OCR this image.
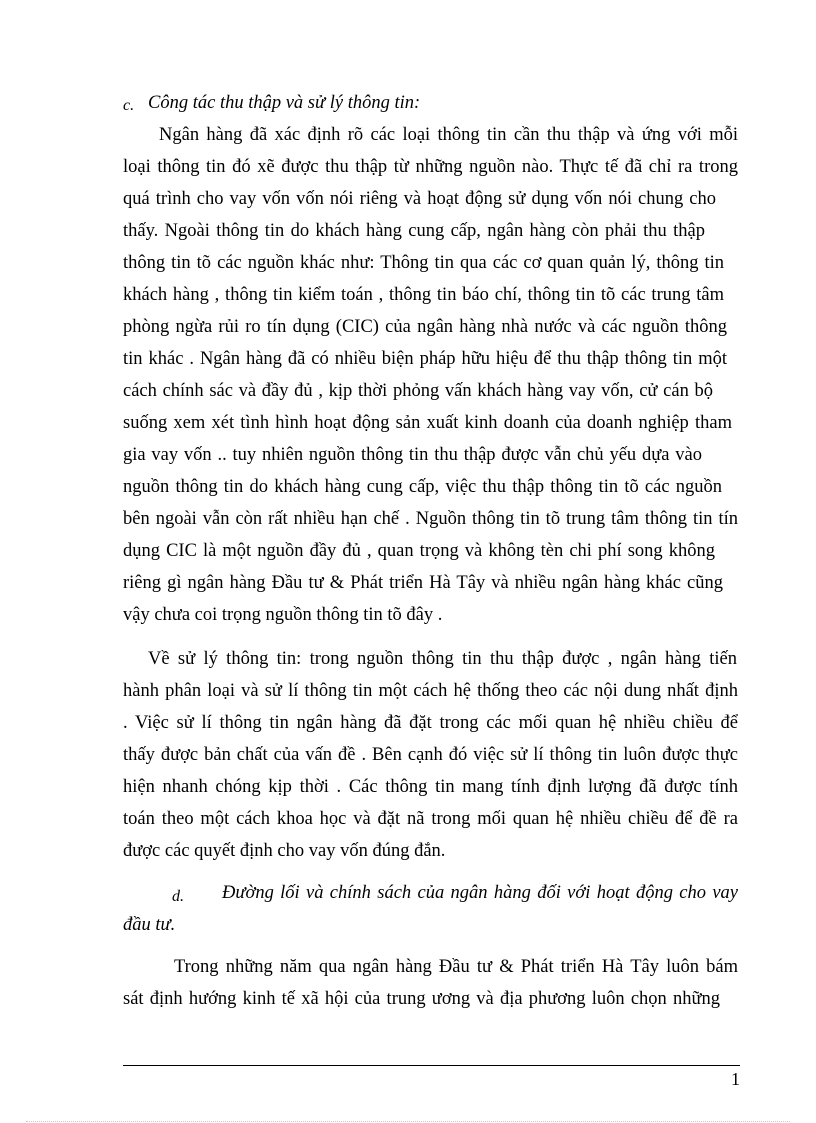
c. Công tác thu thập và sử lý thông tin:

Ngân hàng đã xác định rõ các loại thông tin cần thu thập và ứng với mỗi

loại thông tin đó xẽ được thu thập từ những nguồn nào. Thực tế đã chỉ ra trong

quá trình cho vay vốn vốn nói riêng và hoạt động sử dụng vốn nói chung cho

thấy. Ngoài thông tin do khách hàng cung cấp, ngân hàng còn phải thu thập

thông tin tõ các nguồn khác như: Thông tin qua các cơ quan quản lý, thông tin

khách hàng , thông tin kiểm toán , thông tin báo chí, thông tin tõ các trung tâm

phòng ngừa rủi ro tín dụng (CIC) của ngân hàng nhà nước và các nguồn thông

tin khác . Ngân hàng đã có nhiều biện pháp hữu hiệu để thu thập thông tin một

cách chính sác và đầy đủ , kịp thời phỏng vấn khách hàng vay vốn, cử cán bộ

suống xem xét tình hình hoạt động sản xuất kinh doanh của doanh nghiệp tham

gia vay vốn .. tuy nhiên nguồn thông tin thu thập được vẫn chủ yếu dựa vào

nguồn thông tin do khách hàng cung cấp, việc thu thập thông tin tõ các nguồn

bên ngoài vẫn còn rất nhiều hạn chế . Nguồn thông tin tõ trung tâm thông tin tín

dụng CIC là một nguồn đầy đủ , quan trọng và không tèn chi phí song không

riêng gì ngân hàng Đầu tư & Phát triển Hà Tây và nhiều ngân hàng khác cũng

vậy chưa coi trọng nguồn thông tin tõ đây .

Về sử lý thông tin: trong nguồn thông tin thu thập được , ngân hàng tiến

hành phân loại và sử lí thông tin một cách hệ thống theo các nội dung nhất định

. Việc sử lí thông tin ngân hàng đã đặt trong các mối quan hệ nhiều chiều để

thấy được bản chất của vấn đề . Bên cạnh đó việc sử lí thông tin luôn được thực

hiện nhanh chóng kịp thời . Các thông tin mang tính định lượng đã được tính

toán theo một cách khoa học và đặt nã trong mối quan hệ nhiều chiều để đề ra

được các quyết định cho vay vốn đúng đắn.

d. Đường lối và chính sách của ngân hàng đối với hoạt động cho vay

đầu tư.

Trong những năm qua ngân hàng Đầu tư & Phát triển Hà Tây luôn bám

sát định hướng kinh tế xã hội của trung ương và địa phương luôn chọn những

1
